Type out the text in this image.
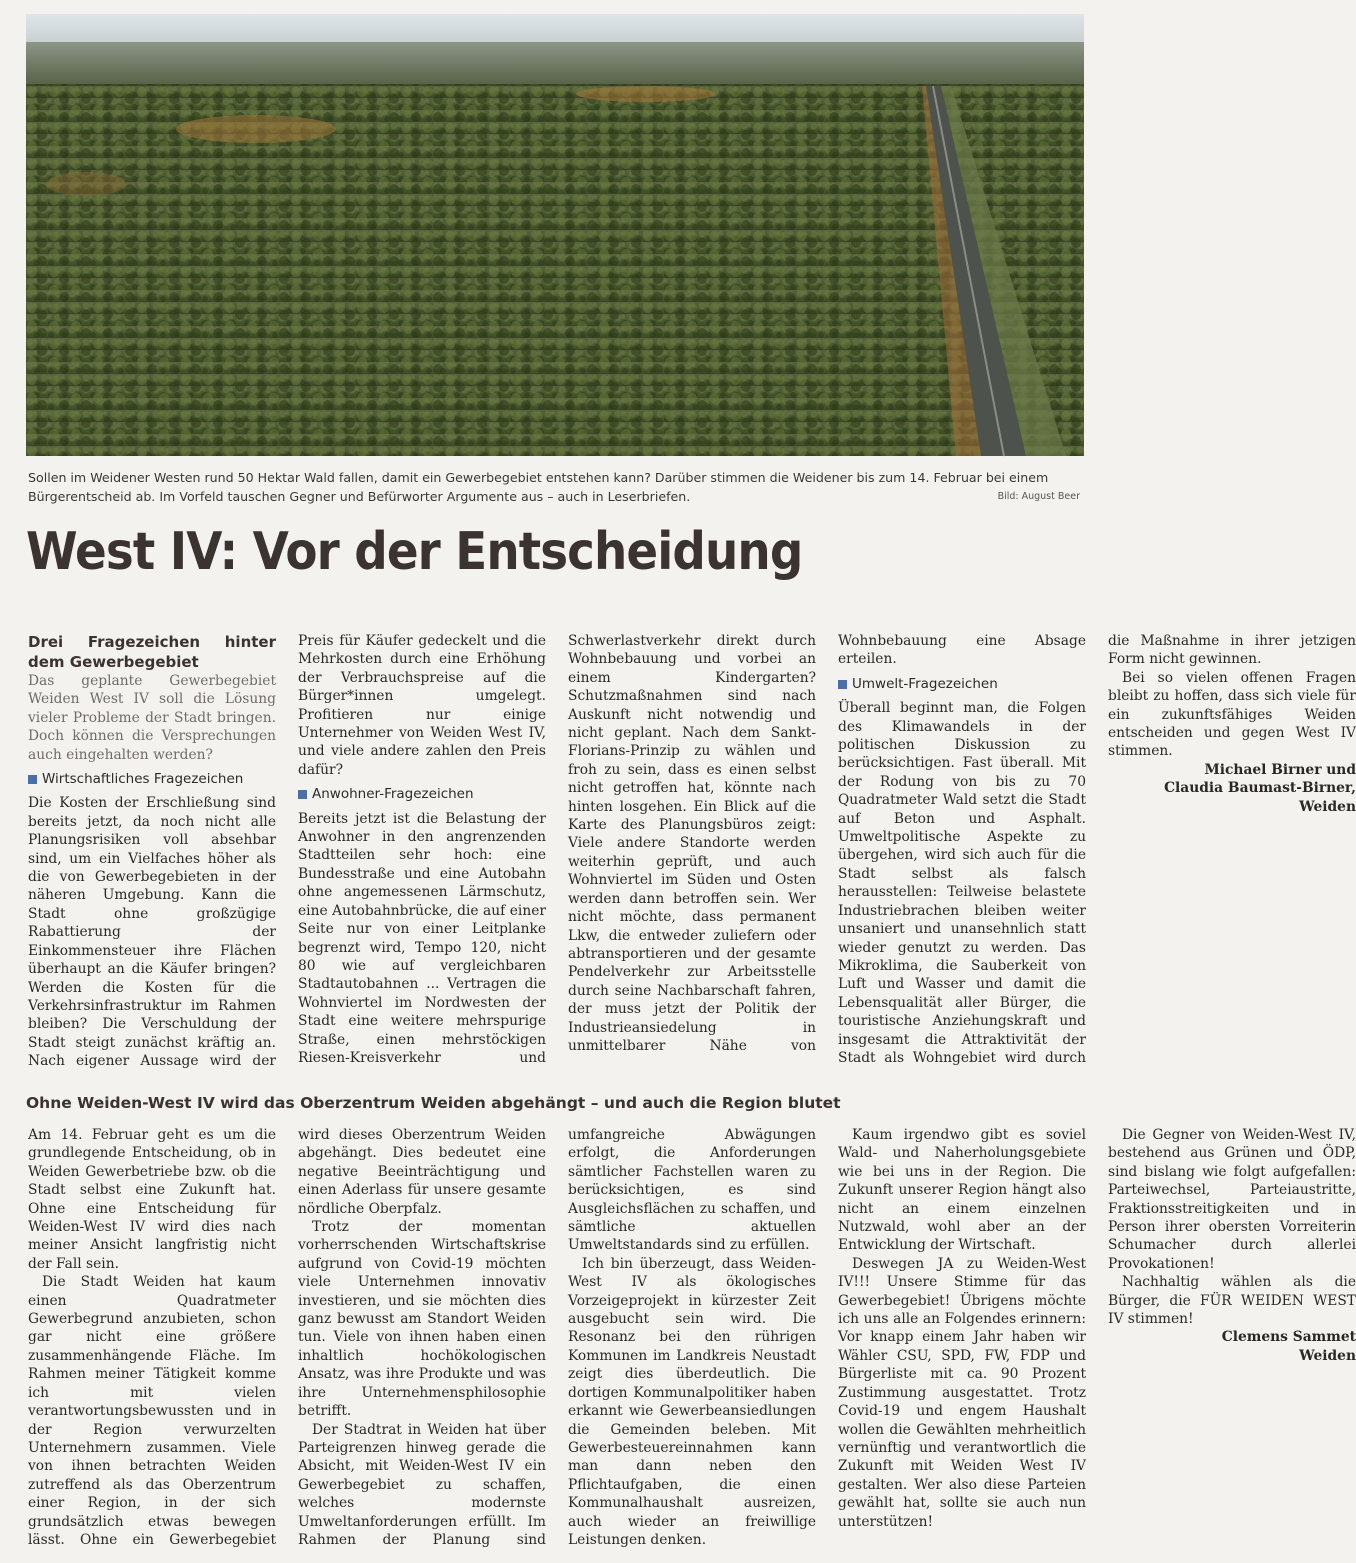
Sollen im Weidener Westen rund 50 Hektar Wald fallen, damit ein Gewerbegebiet entstehen kann? Darüber stimmen die Weidener bis zum 14. Februar bei einem
Bürgerentscheid ab. Im Vorfeld tauschen Gegner und Befürworter Argumente aus – auch in Leserbriefen.	Bild: August Beer
West IV: Vor der Entscheidung

Drei Fragezeichen hinter dem Gewerbegebiet

Das geplante Gewerbegebiet Weiden West IV soll die Lösung vieler Probleme der Stadt bringen. Doch können die Versprechungen auch eingehalten werden?

Wirtschaftliches Fragezeichen

Die Kosten der Erschließung sind bereits jetzt, da noch nicht alle Planungsrisiken voll absehbar sind, um ein Vielfaches höher als die von Gewerbegebieten in der näheren Umgebung. Kann die Stadt ohne großzügige Rabattierung der Einkommensteuer ihre Flächen überhaupt an die Käufer bringen? Werden die Kosten für die Verkehrsinfrastruktur im Rahmen bleiben? Die Verschuldung der Stadt steigt zunächst kräftig an. Nach eigener Aussage wird der Preis für Käufer gedeckelt und die Mehrkosten durch eine Erhöhung der Verbrauchspreise auf die Bürger*innen umgelegt. Profitieren nur einige Unternehmer von Weiden West IV, und viele andere zahlen den Preis dafür?

Anwohner-Fragezeichen

Bereits jetzt ist die Belastung der Anwohner in den angrenzenden Stadtteilen sehr hoch: eine Bundesstraße und eine Autobahn ohne angemessenen Lärmschutz, eine Autobahnbrücke, die auf einer Seite nur von einer Leitplanke begrenzt wird, Tempo 120, nicht 80 wie auf vergleichbaren Stadtautobahnen ... Vertragen die Wohnviertel im Nordwesten der Stadt eine weitere mehrspurige Straße, einen mehrstöckigen Riesen-Kreisverkehr und Schwerlastverkehr direkt durch Wohnbebauung und vorbei an einem Kindergarten? Schutzmaßnahmen sind nach Auskunft nicht notwendig und nicht geplant. Nach dem Sankt-Florians-Prinzip zu wählen und froh zu sein, dass es einen selbst nicht getroffen hat, könnte nach hinten losgehen. Ein Blick auf die Karte des Planungsbüros zeigt: Viele andere Standorte werden weiterhin geprüft, und auch Wohnviertel im Süden und Osten werden dann betroffen sein. Wer nicht möchte, dass permanent Lkw, die entweder zuliefern oder abtransportieren und der gesamte Pendelverkehr zur Arbeitsstelle durch seine Nachbarschaft fahren, der muss jetzt der Politik der Industrieansiedelung in unmittelbarer Nähe von Wohnbebauung eine Absage erteilen.

Umwelt-Fragezeichen

Überall beginnt man, die Folgen des Klimawandels in der politischen Diskussion zu berücksichtigen. Fast überall. Mit der Rodung von bis zu 70 Quadratmeter Wald setzt die Stadt auf Beton und Asphalt. Umweltpolitische Aspekte zu übergehen, wird sich auch für die Stadt selbst als falsch herausstellen: Teilweise belastete Industriebrachen bleiben weiter unsaniert und unansehnlich statt wieder genutzt zu werden. Das Mikroklima, die Sauberkeit von Luft und Wasser und damit die Lebensqualität aller Bürger, die touristische Anziehungskraft und insgesamt die Attraktivität der Stadt als Wohngebiet wird durch die Maßnahme in ihrer jetzigen Form nicht gewinnen.

Bei so vielen offenen Fragen bleibt zu hoffen, dass sich viele für ein zukunftsfähiges Weiden entscheiden und gegen West IV stimmen.

Michael Birner und

Claudia Baumast-Birner, Weiden

Ohne Weiden-West IV wird das Oberzentrum Weiden abgehängt – und auch die Region blutet

Am 14. Februar geht es um die grundlegende Entscheidung, ob in Weiden Gewerbetriebe bzw. ob die Stadt selbst eine Zukunft hat. Ohne eine Entscheidung für Weiden-West IV wird dies nach meiner Ansicht langfristig nicht der Fall sein.

Die Stadt Weiden hat kaum einen Quadratmeter Gewerbegrund anzubieten, schon gar nicht eine größere zusammenhängende Fläche. Im Rahmen meiner Tätigkeit komme ich mit vielen verantwortungsbewussten und in der Region verwurzelten Unternehmern zusammen. Viele von ihnen betrachten Weiden zutreffend als das Oberzentrum einer Region, in der sich grundsätzlich etwas bewegen lässt. Ohne ein Gewerbegebiet wird dieses Oberzentrum Weiden abgehängt. Dies bedeutet eine negative Beeinträchtigung und einen Aderlass für unsere gesamte nördliche Oberpfalz.

Trotz der momentan vorherrschenden Wirtschaftskrise aufgrund von Covid-19 möchten viele Unternehmen innovativ investieren, und sie möchten dies ganz bewusst am Standort Weiden tun. Viele von ihnen haben einen inhaltlich hochökologischen Ansatz, was ihre Produkte und was ihre Unternehmensphilosophie betrifft.

Der Stadtrat in Weiden hat über Parteigrenzen hinweg gerade die Absicht, mit Weiden-West IV ein Gewerbegebiet zu schaffen, welches modernste Umweltanforderungen erfüllt. Im Rahmen der Planung sind umfangreiche Abwägungen erfolgt, die Anforderungen sämtlicher Fachstellen waren zu berücksichtigen, es sind Ausgleichsflächen zu schaffen, und sämtliche aktuellen Umweltstandards sind zu erfüllen.

Ich bin überzeugt, dass Weiden-West IV als ökologisches Vorzeigeprojekt in kürzester Zeit ausgebucht sein wird. Die Resonanz bei den rührigen Kommunen im Landkreis Neustadt zeigt dies überdeutlich. Die dortigen Kommunalpolitiker haben erkannt wie Gewerbeansiedlungen die Gemeinden beleben. Mit Gewerbesteuereinnahmen kann man dann neben den Pflichtaufgaben, die einen Kommunalhaushalt ausreizen, auch wieder an freiwillige Leistungen denken.

Kaum irgendwo gibt es soviel Wald- und Naherholungsgebiete wie bei uns in der Region. Die Zukunft unserer Region hängt also nicht an einem einzelnen Nutzwald, wohl aber an der Entwicklung der Wirtschaft.

Deswegen JA zu Weiden-West IV!!! Unsere Stimme für das Gewerbegebiet! Übrigens möchte ich uns alle an Folgendes erinnern: Vor knapp einem Jahr haben wir Wähler CSU, SPD, FW, FDP und Bürgerliste mit ca. 90 Prozent Zustimmung ausgestattet. Trotz Covid-19 und engem Haushalt wollen die Gewählten mehrheitlich vernünftig und verantwortlich die Zukunft mit Weiden West IV gestalten. Wer also diese Parteien gewählt hat, sollte sie auch nun unterstützen!

Die Gegner von Weiden-West IV, bestehend aus Grünen und ÖDP, sind bislang wie folgt aufgefallen: Parteiwechsel, Parteiaustritte, Fraktionsstreitigkeiten und in Person ihrer obersten Vorreiterin Schumacher durch allerlei Provokationen!

Nachhaltig wählen als die Bürger, die FÜR WEIDEN WEST IV stimmen!

Clemens Sammet

Weiden
